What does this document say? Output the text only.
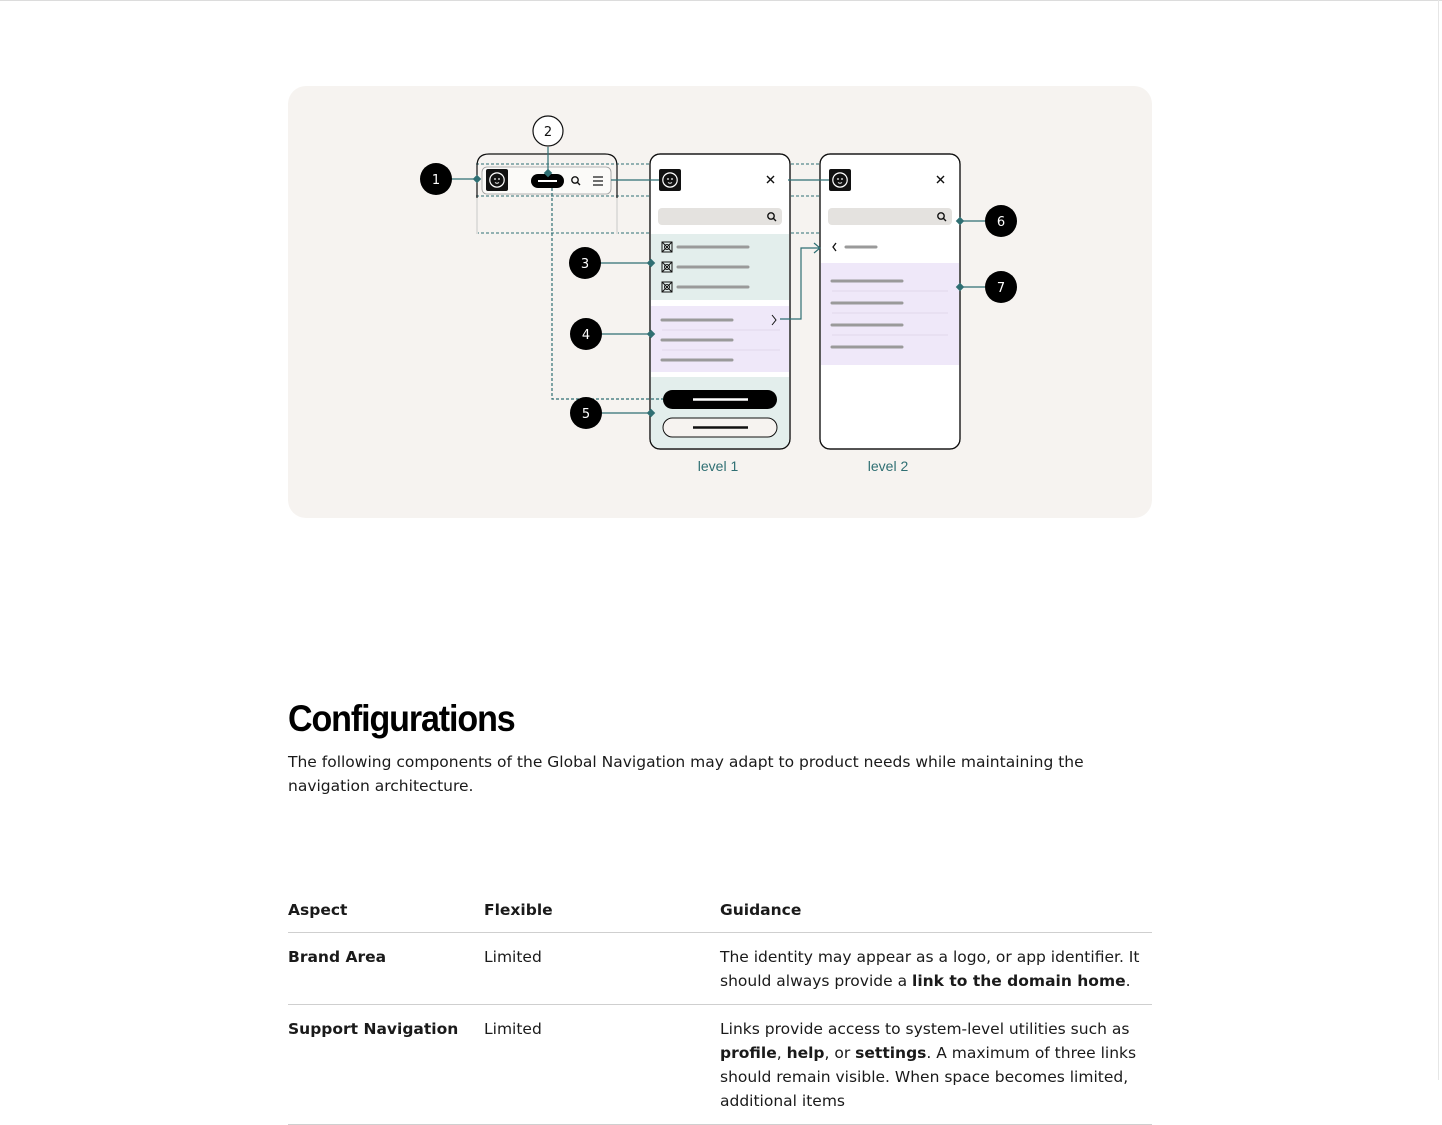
1
2
3
4
5
6
7
level 1	level 2
Configurations

The following components of the Global Navigation may adapt to product needs while maintaining the navigation architecture.

Aspect	Flexible	Guidance
Brand Area	Limited	The identity may appear as a logo, or app identifier. It should always provide a link to the domain home.
Support Navigation	Limited	Links provide access to system-level utilities such as profile, help, or settings. A maximum of three links should remain visible. When space becomes limited, additional items
